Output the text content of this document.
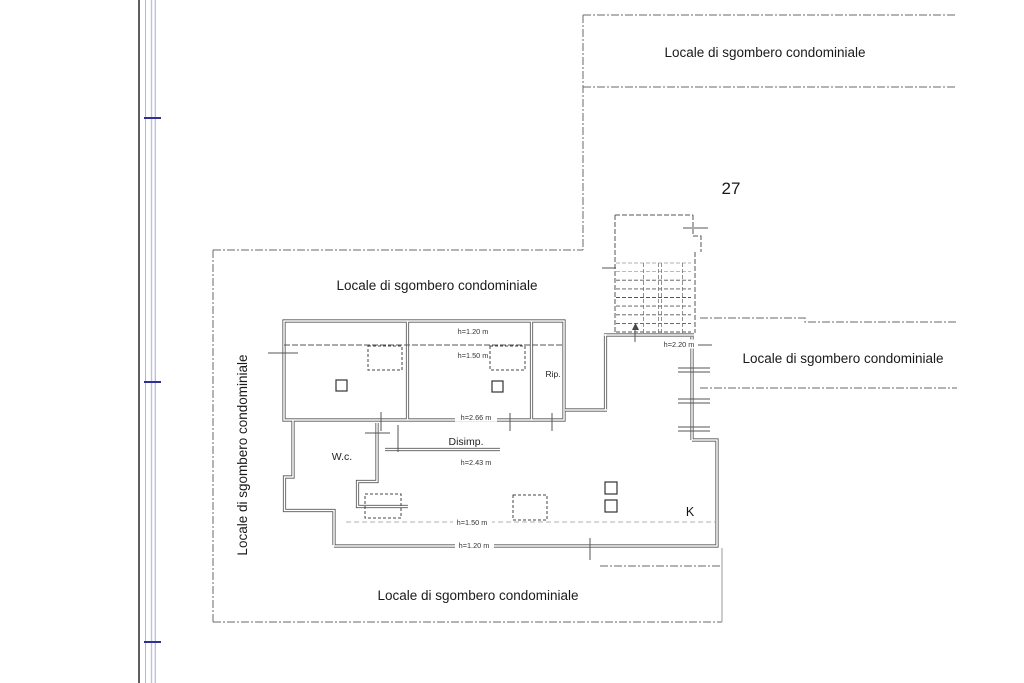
Locale di sgombero condominiale
Locale di sgombero condominiale
Locale di sgombero condominiale
Locale di sgombero condominiale
Locale di sgombero condominiale
27
W.c.
Disimp.
Rip.
K
h=1.20 m
h=1.50 m
h=2.66 m
h=2.20 m
h=2.43 m
h=1.50 m
h=1.20 m
